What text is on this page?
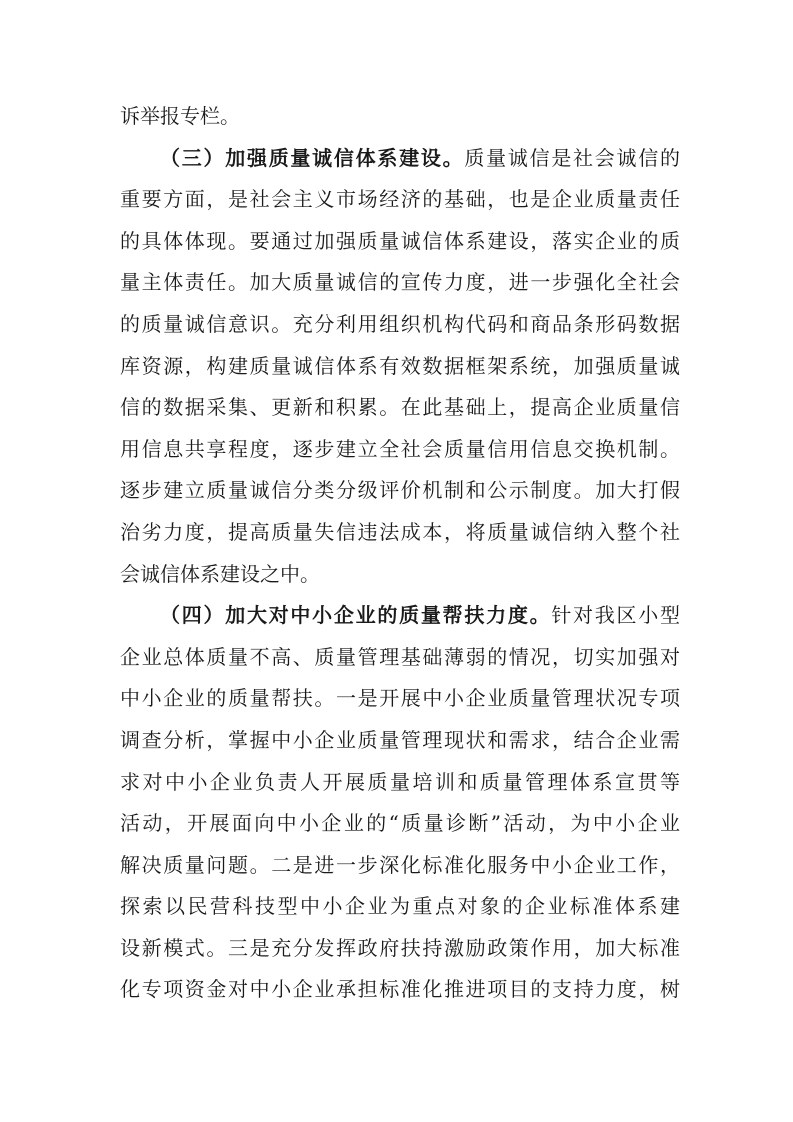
诉举报专栏。
（三）加强质量诚信体系建设。质量诚信是社会诚信的
重要方面，是社会主义市场经济的基础，也是企业质量责任
的具体体现。要通过加强质量诚信体系建设，落实企业的质
量主体责任。加大质量诚信的宣传力度，进一步强化全社会
的质量诚信意识。充分利用组织机构代码和商品条形码数据
库资源，构建质量诚信体系有效数据框架系统，加强质量诚
信的数据采集、更新和积累。在此基础上，提高企业质量信
用信息共享程度，逐步建立全社会质量信用信息交换机制。
逐步建立质量诚信分类分级评价机制和公示制度。加大打假
治劣力度，提高质量失信违法成本，将质量诚信纳入整个社
会诚信体系建设之中。
（四）加大对中小企业的质量帮扶力度。针对我区小型
企业总体质量不高、质量管理基础薄弱的情况，切实加强对
中小企业的质量帮扶。一是开展中小企业质量管理状况专项
调查分析，掌握中小企业质量管理现状和需求，结合企业需
求对中小企业负责人开展质量培训和质量管理体系宣贯等
活动，开展面向中小企业的“质量诊断”活动，为中小企业
解决质量问题。二是进一步深化标准化服务中小企业工作，
探索以民营科技型中小企业为重点对象的企业标准体系建
设新模式。三是充分发挥政府扶持激励政策作用，加大标准
化专项资金对中小企业承担标准化推进项目的支持力度，树
